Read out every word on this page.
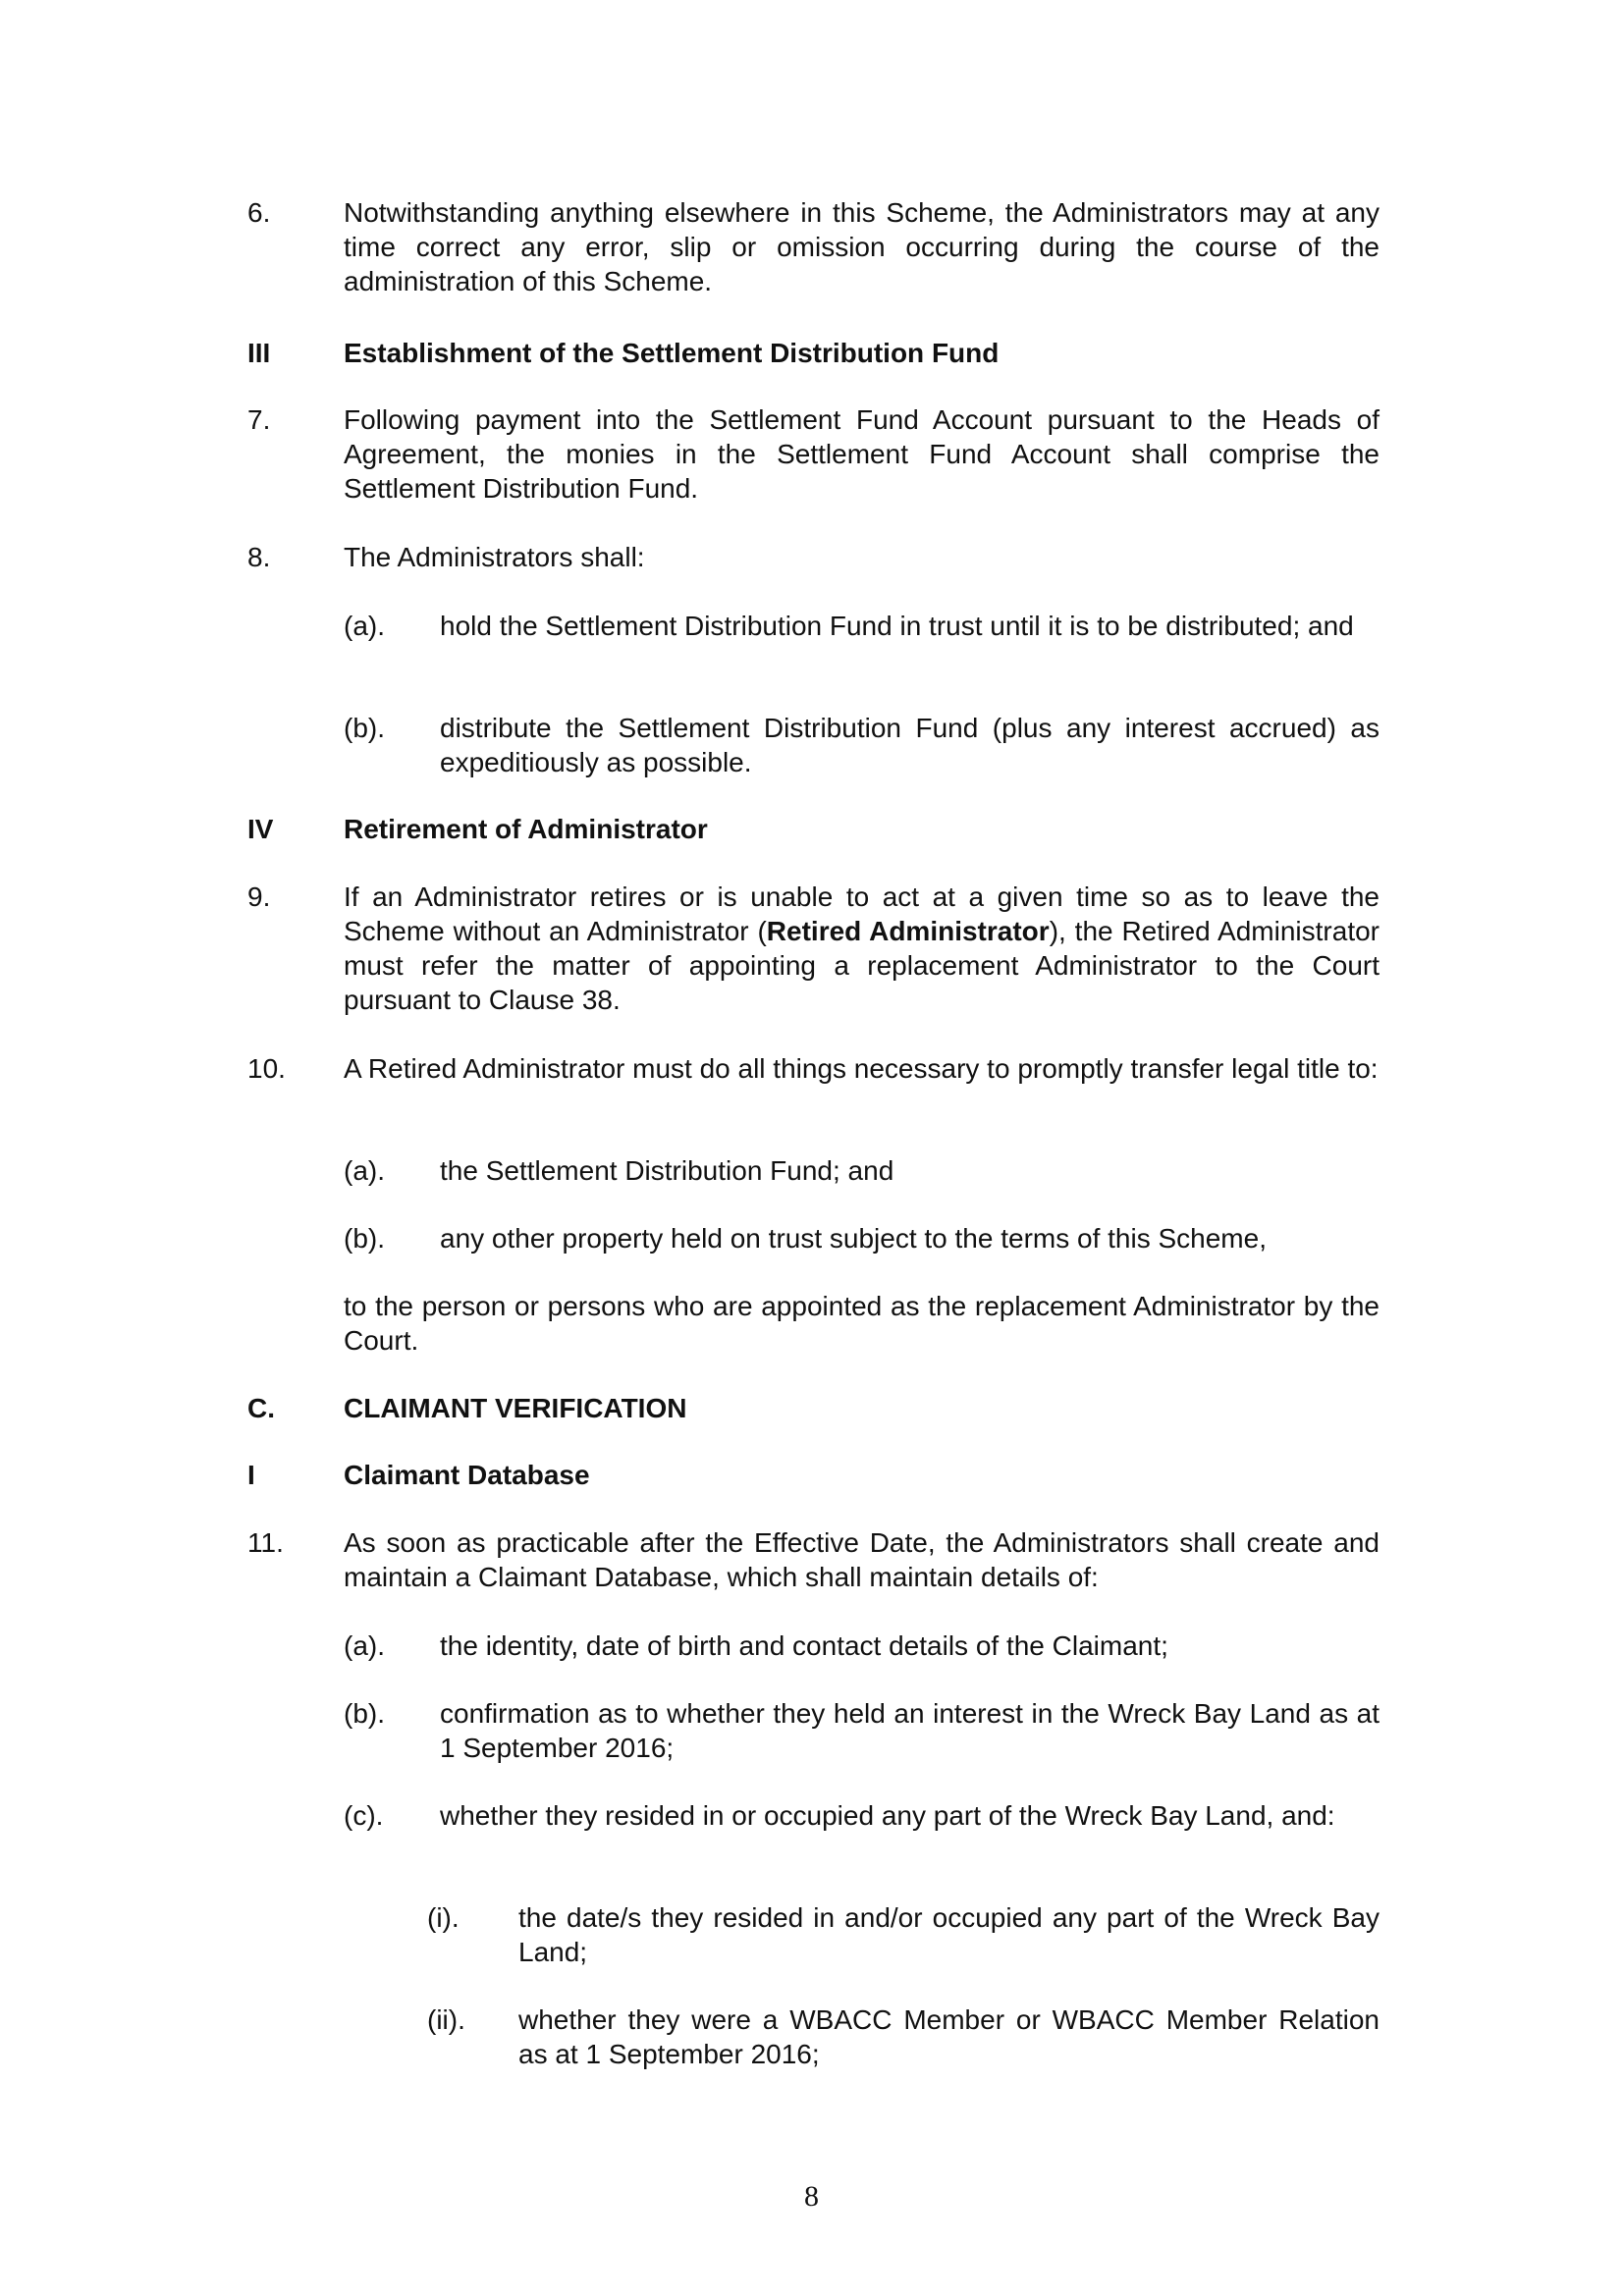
6.	Notwithstanding anything elsewhere in this Scheme, the Administrators may at any time correct any error, slip or omission occurring during the course of the administration of this Scheme.
III	Establishment of the Settlement Distribution Fund
7.	Following payment into the Settlement Fund Account pursuant to the Heads of Agreement, the monies in the Settlement Fund Account shall comprise the Settlement Distribution Fund.
8.	The Administrators shall:
(a). hold the Settlement Distribution Fund in trust until it is to be distributed; and
(b). distribute the Settlement Distribution Fund (plus any interest accrued) as expeditiously as possible.
IV	Retirement of Administrator
9.	If an Administrator retires or is unable to act at a given time so as to leave the Scheme without an Administrator (Retired Administrator), the Retired Administrator must refer the matter of appointing a replacement Administrator to the Court pursuant to Clause 38.
10. A Retired Administrator must do all things necessary to promptly transfer legal title to:
(a). the Settlement Distribution Fund; and
(b). any other property held on trust subject to the terms of this Scheme,
to the person or persons who are appointed as the replacement Administrator by the Court.
C.	CLAIMANT VERIFICATION
I	Claimant Database
11. As soon as practicable after the Effective Date, the Administrators shall create and maintain a Claimant Database, which shall maintain details of:
(a). the identity, date of birth and contact details of the Claimant;
(b). confirmation as to whether they held an interest in the Wreck Bay Land as at 1 September 2016;
(c). whether they resided in or occupied any part of the Wreck Bay Land, and:
(i). the date/s they resided in and/or occupied any part of the Wreck Bay Land;
(ii). whether they were a WBACC Member or WBACC Member Relation as at 1 September 2016;
8
